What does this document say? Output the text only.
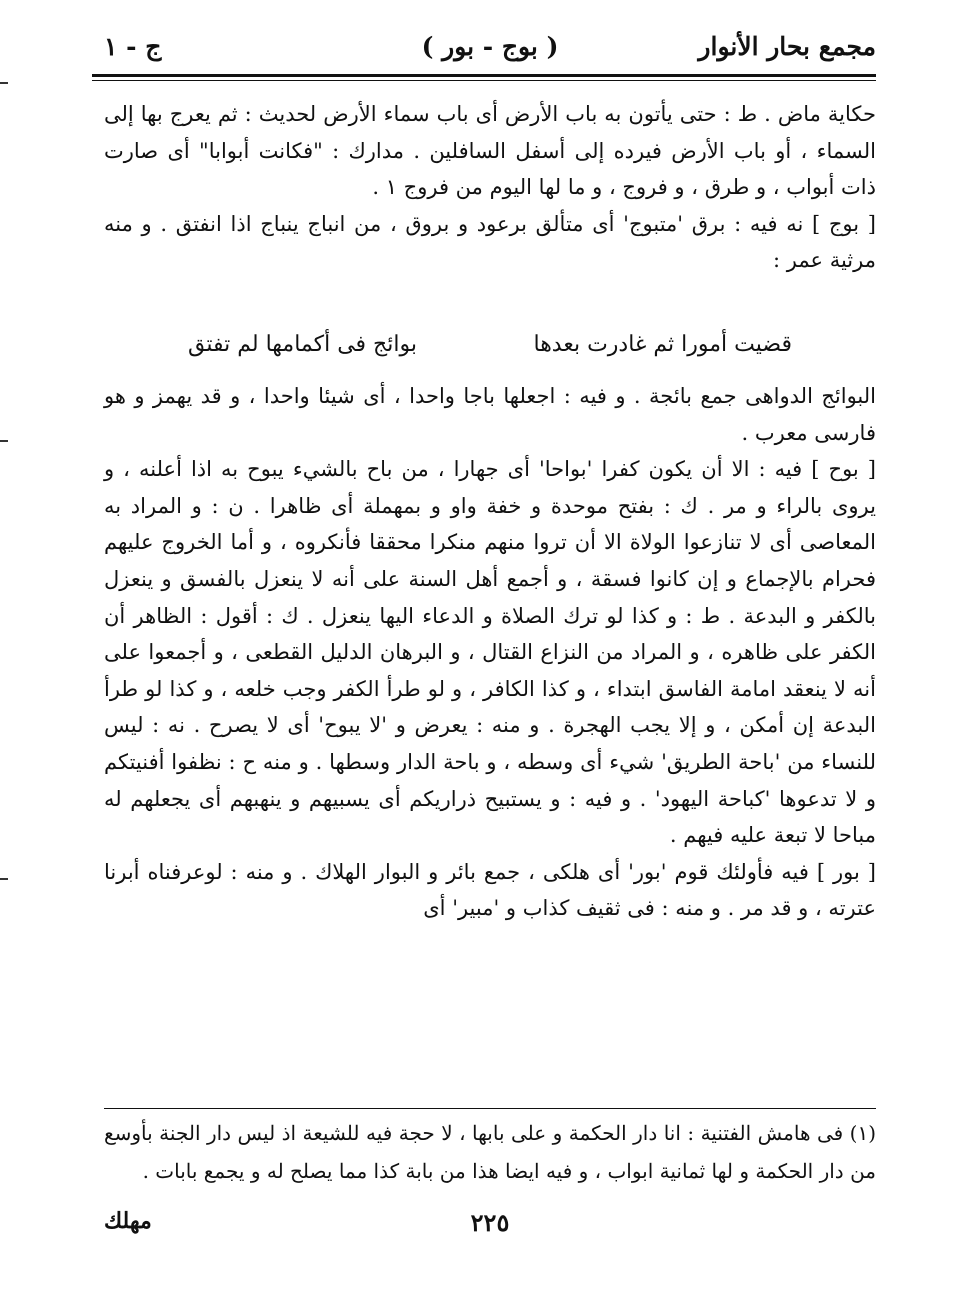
مجمع بحار الأنوار
( بوج - بور )
ج - ١

حكاية ماض . ط : حتى يأتون به باب الأرض أى باب سماء الأرض لحديث : ثم يعرج بها إلى السماء ، أو باب الأرض فيرده إلى أسفل السافلين . مدارك : "فكانت أبوابا" أى صارت ذات أبواب ، و طرق ، و فروج ، و ما لها اليوم من فروج ١ .

[ بوج ] نه فيه : برق 'متبوج' أى متألق برعود و بروق ، من انباج ينباج اذا انفتق . و منه مرثية عمر :

قضيت أمورا ثم غادرت بعدها
بوائج فى أكمامها لم تفتق

البوائج الدواهى جمع بائجة . و فيه : اجعلها باجا واحدا ، أى شيئا واحدا ، و قد يهمز و هو فارسى معرب .

[ بوح ] فيه : الا أن يكون كفرا 'بواحا' أى جهارا ، من باح بالشيء يبوح به اذا أعلنه ، و يروى بالراء و مر . ك : بفتح موحدة و خفة واو و بمهملة أى ظاهرا . ن : و المراد به المعاصى أى لا تنازعوا الولاة الا أن تروا منهم منكرا محققا فأنكروه ، و أما الخروج عليهم فحرام بالإجماع و إن كانوا فسقة ، و أجمع أهل السنة على أنه لا ينعزل بالفسق و ينعزل بالكفر و البدعة . ط : و كذا لو ترك الصلاة و الدعاء اليها ينعزل . ك : أقول : الظاهر أن الكفر على ظاهره ، و المراد من النزاع القتال ، و البرهان الدليل القطعى ، و أجمعوا على أنه لا ينعقد امامة الفاسق ابتداء ، و كذا الكافر ، و لو طرأ الكفر وجب خلعه ، و كذا لو طرأ البدعة إن أمكن ، و إلا يجب الهجرة . و منه : يعرض و 'لا يبوح' أى لا يصرح . نه : ليس للنساء من 'باحة الطريق' شيء أى وسطه ، و باحة الدار وسطها . و منه ح : نظفوا أفنيتكم و لا تدعوها 'كباحة اليهود' . و فيه : و يستبيح ذراريكم أى يسبيهم و ينهبهم أى يجعلهم له مباحا لا تبعة عليه فيهم .

[ بور ] فيه فأولئك قوم 'بور' أى هلكى ، جمع بائر و البوار الهلاك . و منه : لوعرفناه أبرنا عترته ، و قد مر . و منه : فى ثقيف كذاب و 'مبير' أى

(١) فى هامش الفتنية : انا دار الحكمة و على بابها ، لا حجة فيه للشيعة اذ ليس دار الجنة بأوسع من دار الحكمة و لها ثمانية ابواب ، و فيه ايضا هذا من بابة كذا مما يصلح له و يجمع بابات .

٢٢٥
مهلك
